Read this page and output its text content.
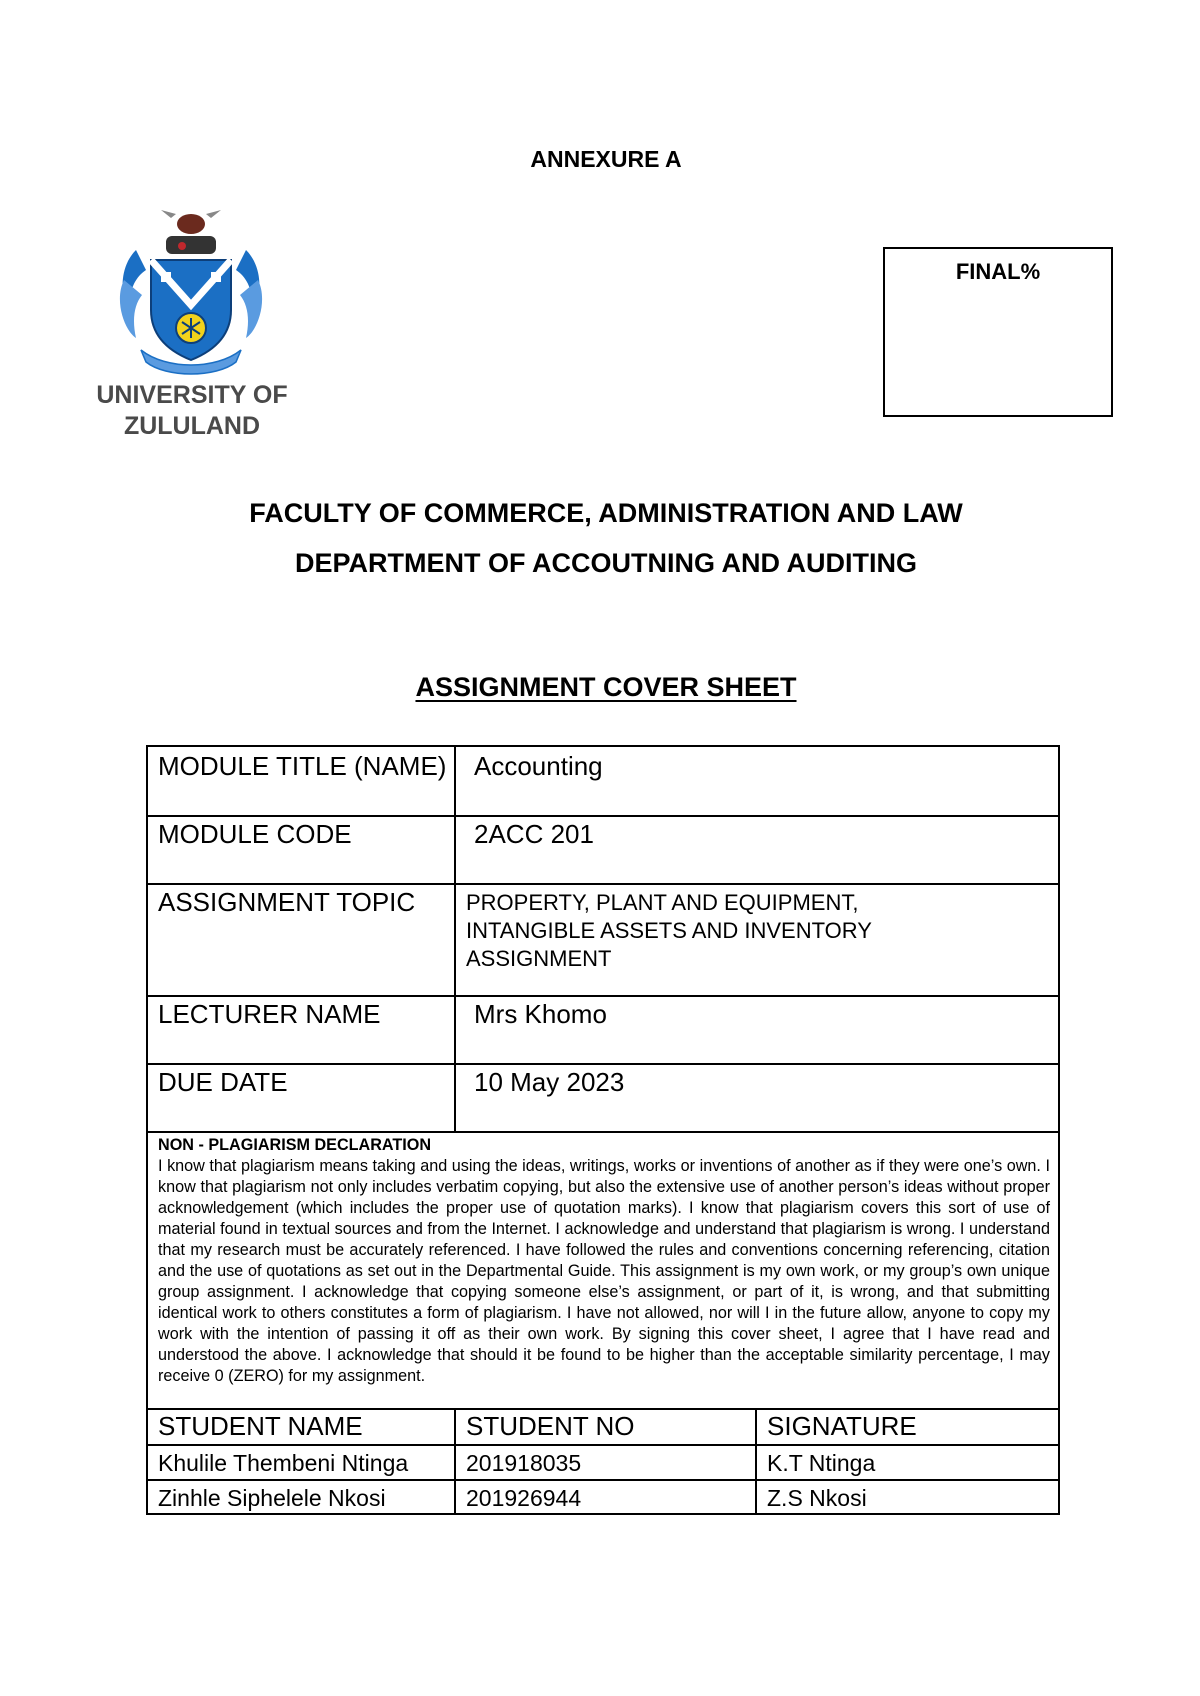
ANNEXURE A
UNIVERSITY OF
ZULULAND
FINAL%
FACULTY OF COMMERCE, ADMINISTRATION AND LAW
DEPARTMENT OF ACCOUTNING AND AUDITING
ASSIGNMENT COVER SHEET
MODULE TITLE (NAME) Accounting
MODULE CODE	2ACC 201
ASSIGNMENT TOPIC	PROPERTY, PLANT AND EQUIPMENT, INTANGIBLE ASSETS AND INVENTORY ASSIGNMENT
LECTURER NAME	Mrs Khomo
DUE DATE	10 May 2023
NON - PLAGIARISM DECLARATION
I know that plagiarism means taking and using the ideas, writings, works or inventions of another as if they were one’s own. I know that plagiarism not only includes verbatim copying, but also the extensive use of another person’s ideas without proper acknowledgement (which includes the proper use of quotation marks). I know that plagiarism covers this sort of use of material found in textual sources and from the Internet. I acknowledge and understand that plagiarism is wrong. I understand that my research must be accurately referenced. I have followed the rules and conventions concerning referencing, citation and the use of quotations as set out in the Departmental Guide. This assignment is my own work, or my group’s own unique group assignment. I acknowledge that copying someone else’s assignment, or part of it, is wrong, and that submitting identical work to others constitutes a form of plagiarism. I have not allowed, nor will I in the future allow, anyone to copy my work with the intention of passing it off as their own work. By signing this cover sheet, I agree that I have read and understood the above. I acknowledge that should it be found to be higher than the acceptable similarity percentage, I may receive 0 (ZERO) for my assignment.
STUDENT NAME	STUDENT NO	SIGNATURE
Khulile Thembeni Ntinga	201918035	K.T Ntinga
Zinhle Siphelele Nkosi	201926944	Z.S Nkosi
